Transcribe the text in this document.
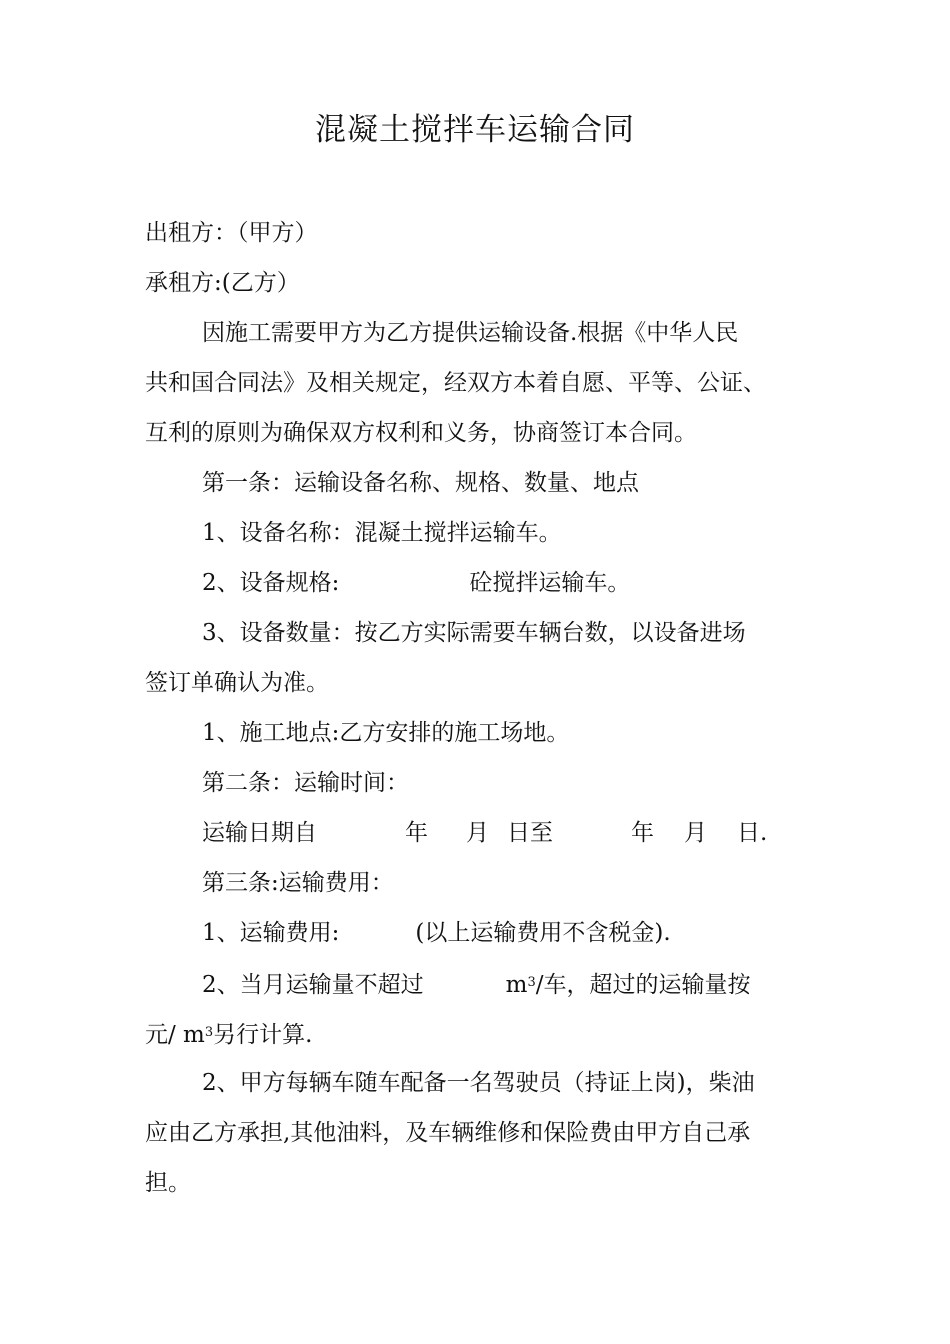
混凝土搅拌车运输合同
出租方：（甲方）
承租方:(乙方）
因施工需要甲方为乙方提供运输设备.根据《中华人民
共和国合同法》及相关规定，经双方本着自愿、平等、公证、
互利的原则为确保双方权利和义务，协商签订本合同。
第一条：运输设备名称、规格、数量、地点
1、设备名称：混凝土搅拌运输车。
2、设备规格:	砼搅拌运输车。
3、设备数量：按乙方实际需要车辆台数，以设备进场
签订单确认为准。
1、施工地点:乙方安排的施工场地。
第二条：运输时间：
运输日期自	年 月 日至	年 月 日.
第三条:运输费用：
1、运输费用:	(以上运输费用不含税金).
2、当月运输量不超过	$m^3/$车，超过的运输量按
元/ $m^3$另行计算.
2、甲方每辆车随车配备一名驾驶员（持证上岗)，柴油
应由乙方承担,其他油料，及车辆维修和保险费由甲方自己承
担。
